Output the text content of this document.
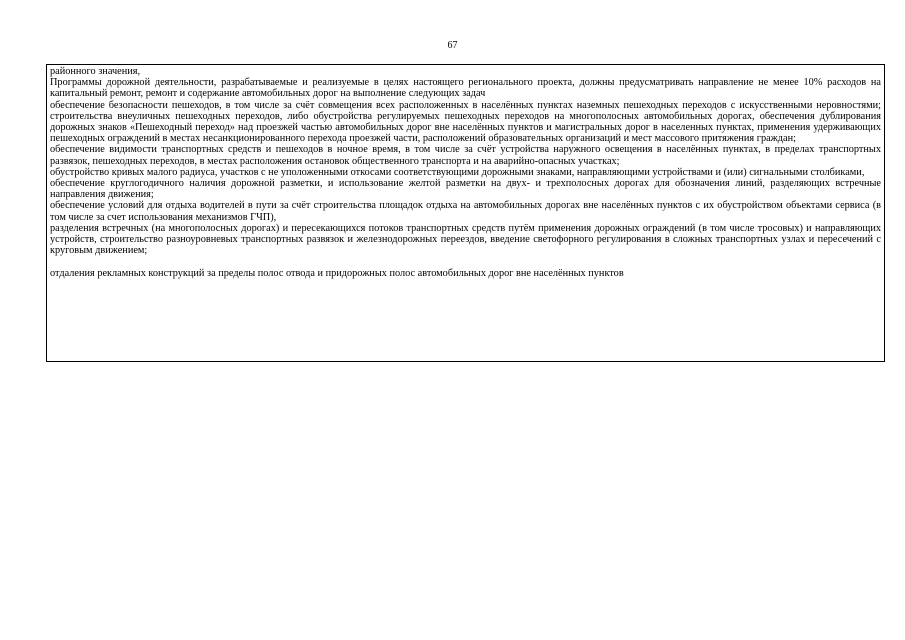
67

районного значения,

Программы дорожной деятельности, разрабатываемые и реализуемые в целях настоящего регионального проекта, должны предусматривать направление не менее 10% расходов на капитальный ремонт, ремонт и содержание автомобильных дорог на выполнение следующих задач

обеспечение безопасности пешеходов, в том числе за счёт совмещения всех расположенных в населённых пунктах наземных пешеходных переходов с искусственными неровностями; строительства внеуличных пешеходных переходов, либо обустройства регулируемых пешеходных переходов на многополосных автомобильных дорогах, обеспечения дублирования дорожных знаков «Пешеходный переход» над проезжей частью автомобильных дорог вне населённых пунктов и магистральных дорог в населенных пунктах, применения удерживающих пешеходных ограждений в местах несанкционированного перехода проезжей части, расположений образовательных организаций и мест массового притяжения граждан;

обеспечение видимости транспортных средств и пешеходов в ночное время, в том числе за счёт устройства наружного освещения в населённых пунктах, в пределах транспортных развязок, пешеходных переходов, в местах расположения остановок общественного транспорта и на аварийно-опасных участках;

обустройство кривых малого радиуса, участков с не уположенными откосами соответствующими дорожными знаками, направляющими устройствами и (или) сигнальными столбиками,

обеспечение круглогодичного наличия дорожной разметки, и использование желтой разметки на двух- и трехполосных дорогах для обозначения линий, разделяющих встречные направления движения;

обеспечение условий для отдыха водителей в пути за счёт строительства площадок отдыха на автомобильных дорогах вне населённых пунктов с их обустройством объектами сервиса (в том числе за счет использования механизмов ГЧП),

разделения встречных (на многополосных дорогах) и пересекающихся потоков транспортных средств путём применения дорожных ограждений (в том числе тросовых) и направляющих устройств, строительство разноуровневых транспортных развязок и железнодорожных переездов, введение светофорного регулирования в сложных транспортных узлах и пересечений с круговым движением;

отдаления рекламных конструкций за пределы полос отвода и придорожных полос автомобильных дорог вне населённых пунктов
